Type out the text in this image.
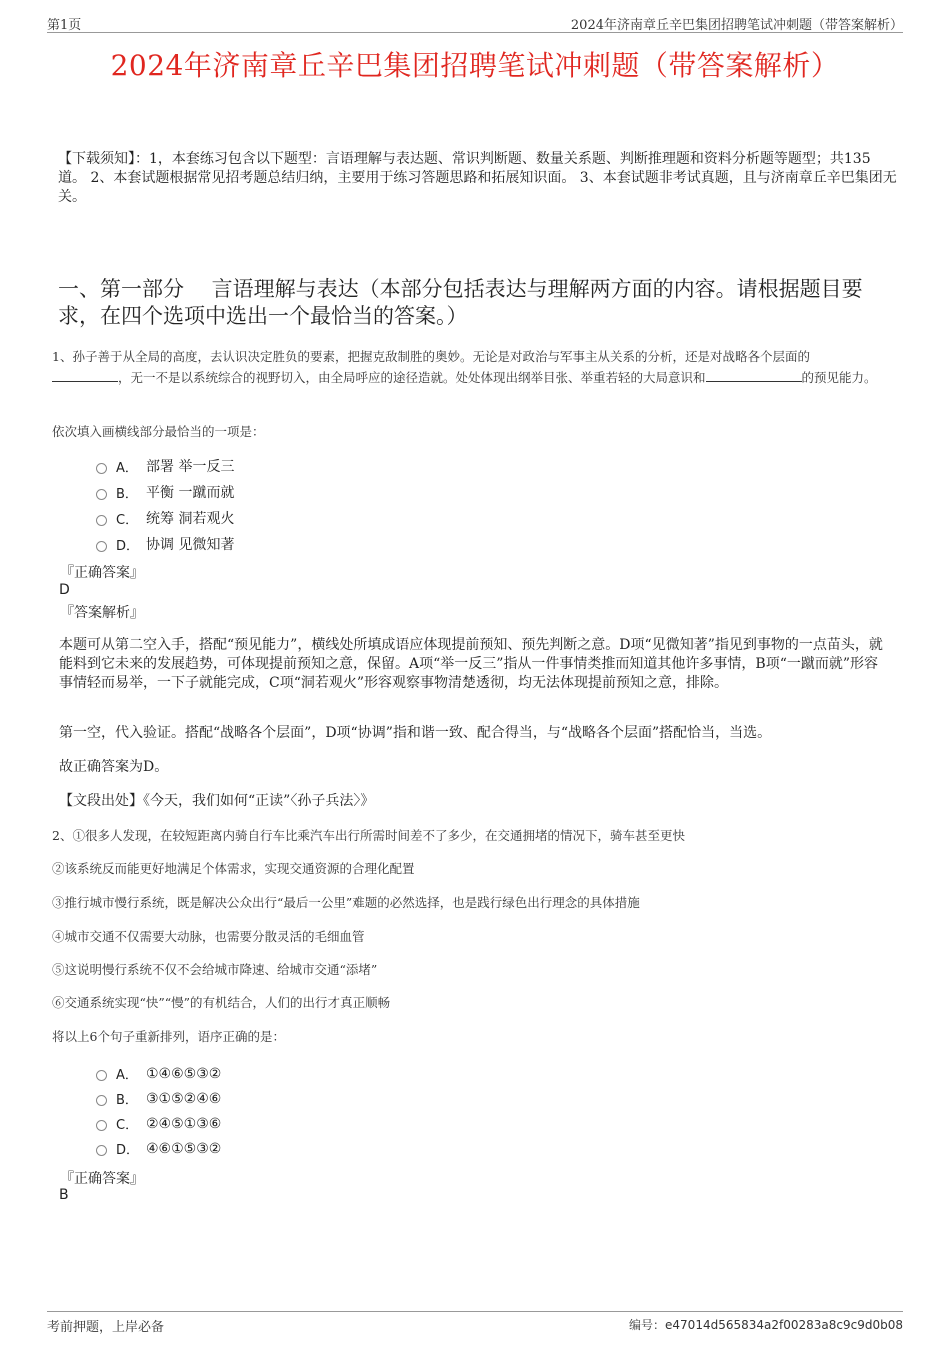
第1页	2024年济南章丘辛巴集团招聘笔试冲刺题（带答案解析）
2024年济南章丘辛巴集团招聘笔试冲刺题（带答案解析）
【下载须知】：1，本套练习包含以下题型：言语理解与表达题、常识判断题、数量关系题、判断推理题和资料分析题等题型；共135道。 2、本套试题根据常见招考题总结归纳，主要用于练习答题思路和拓展知识面。 3、本套试题非考试真题，且与济南章丘辛巴集团无关。
一、第一部分　 言语理解与表达（本部分包括表达与理解两方面的内容。请根据题目要求，在四个选项中选出一个最恰当的答案。）
1、孙子善于从全局的高度，去认识决定胜负的要素，把握克敌制胜的奥妙。无论是对政治与军事主从关系的分析，还是对战略各个层面的
，无一不是以系统综合的视野切入，由全局呼应的途径造就。处处体现出纲举目张、举重若轻的大局意识和	的预见能力。
依次填入画横线部分最恰当的一项是：
A． 部署 举一反三
B． 平衡 一蹴而就
C． 统筹 洞若观火
D． 协调 见微知著
『正确答案』
D
『答案解析』
本题可从第二空入手，搭配“预见能力”，横线处所填成语应体现提前预知、预先判断之意。D项“见微知著”指见到事物的一点苗头，就能料到它未来的发展趋势，可体现提前预知之意，保留。A项“举一反三”指从一件事情类推而知道其他许多事情，B项“一蹴而就”形容事情轻而易举，一下子就能完成，C项“洞若观火”形容观察事物清楚透彻，均无法体现提前预知之意，排除。
第一空，代入验证。搭配“战略各个层面”，D项“协调”指和谐一致、配合得当，与“战略各个层面”搭配恰当，当选。
故正确答案为D。
【文段出处】《今天，我们如何“正读”〈孙子兵法〉》
2、①很多人发现，在较短距离内骑自行车比乘汽车出行所需时间差不了多少，在交通拥堵的情况下，骑车甚至更快
②该系统反而能更好地满足个体需求，实现交通资源的合理化配置
③推行城市慢行系统，既是解决公众出行“最后一公里”难题的必然选择，也是践行绿色出行理念的具体措施
④城市交通不仅需要大动脉，也需要分散灵活的毛细血管
⑤这说明慢行系统不仅不会给城市降速、给城市交通“添堵”
⑥交通系统实现“快”“慢”的有机结合，人们的出行才真正顺畅
将以上6个句子重新排列，语序正确的是：
A． ①④⑥⑤③②
B． ③①⑤②④⑥
C． ②④⑤①③⑥
D． ④⑥①⑤③②
『正确答案』
B
考前押题，上岸必备	编号：e47014d565834a2f00283a8c9c9d0b08
